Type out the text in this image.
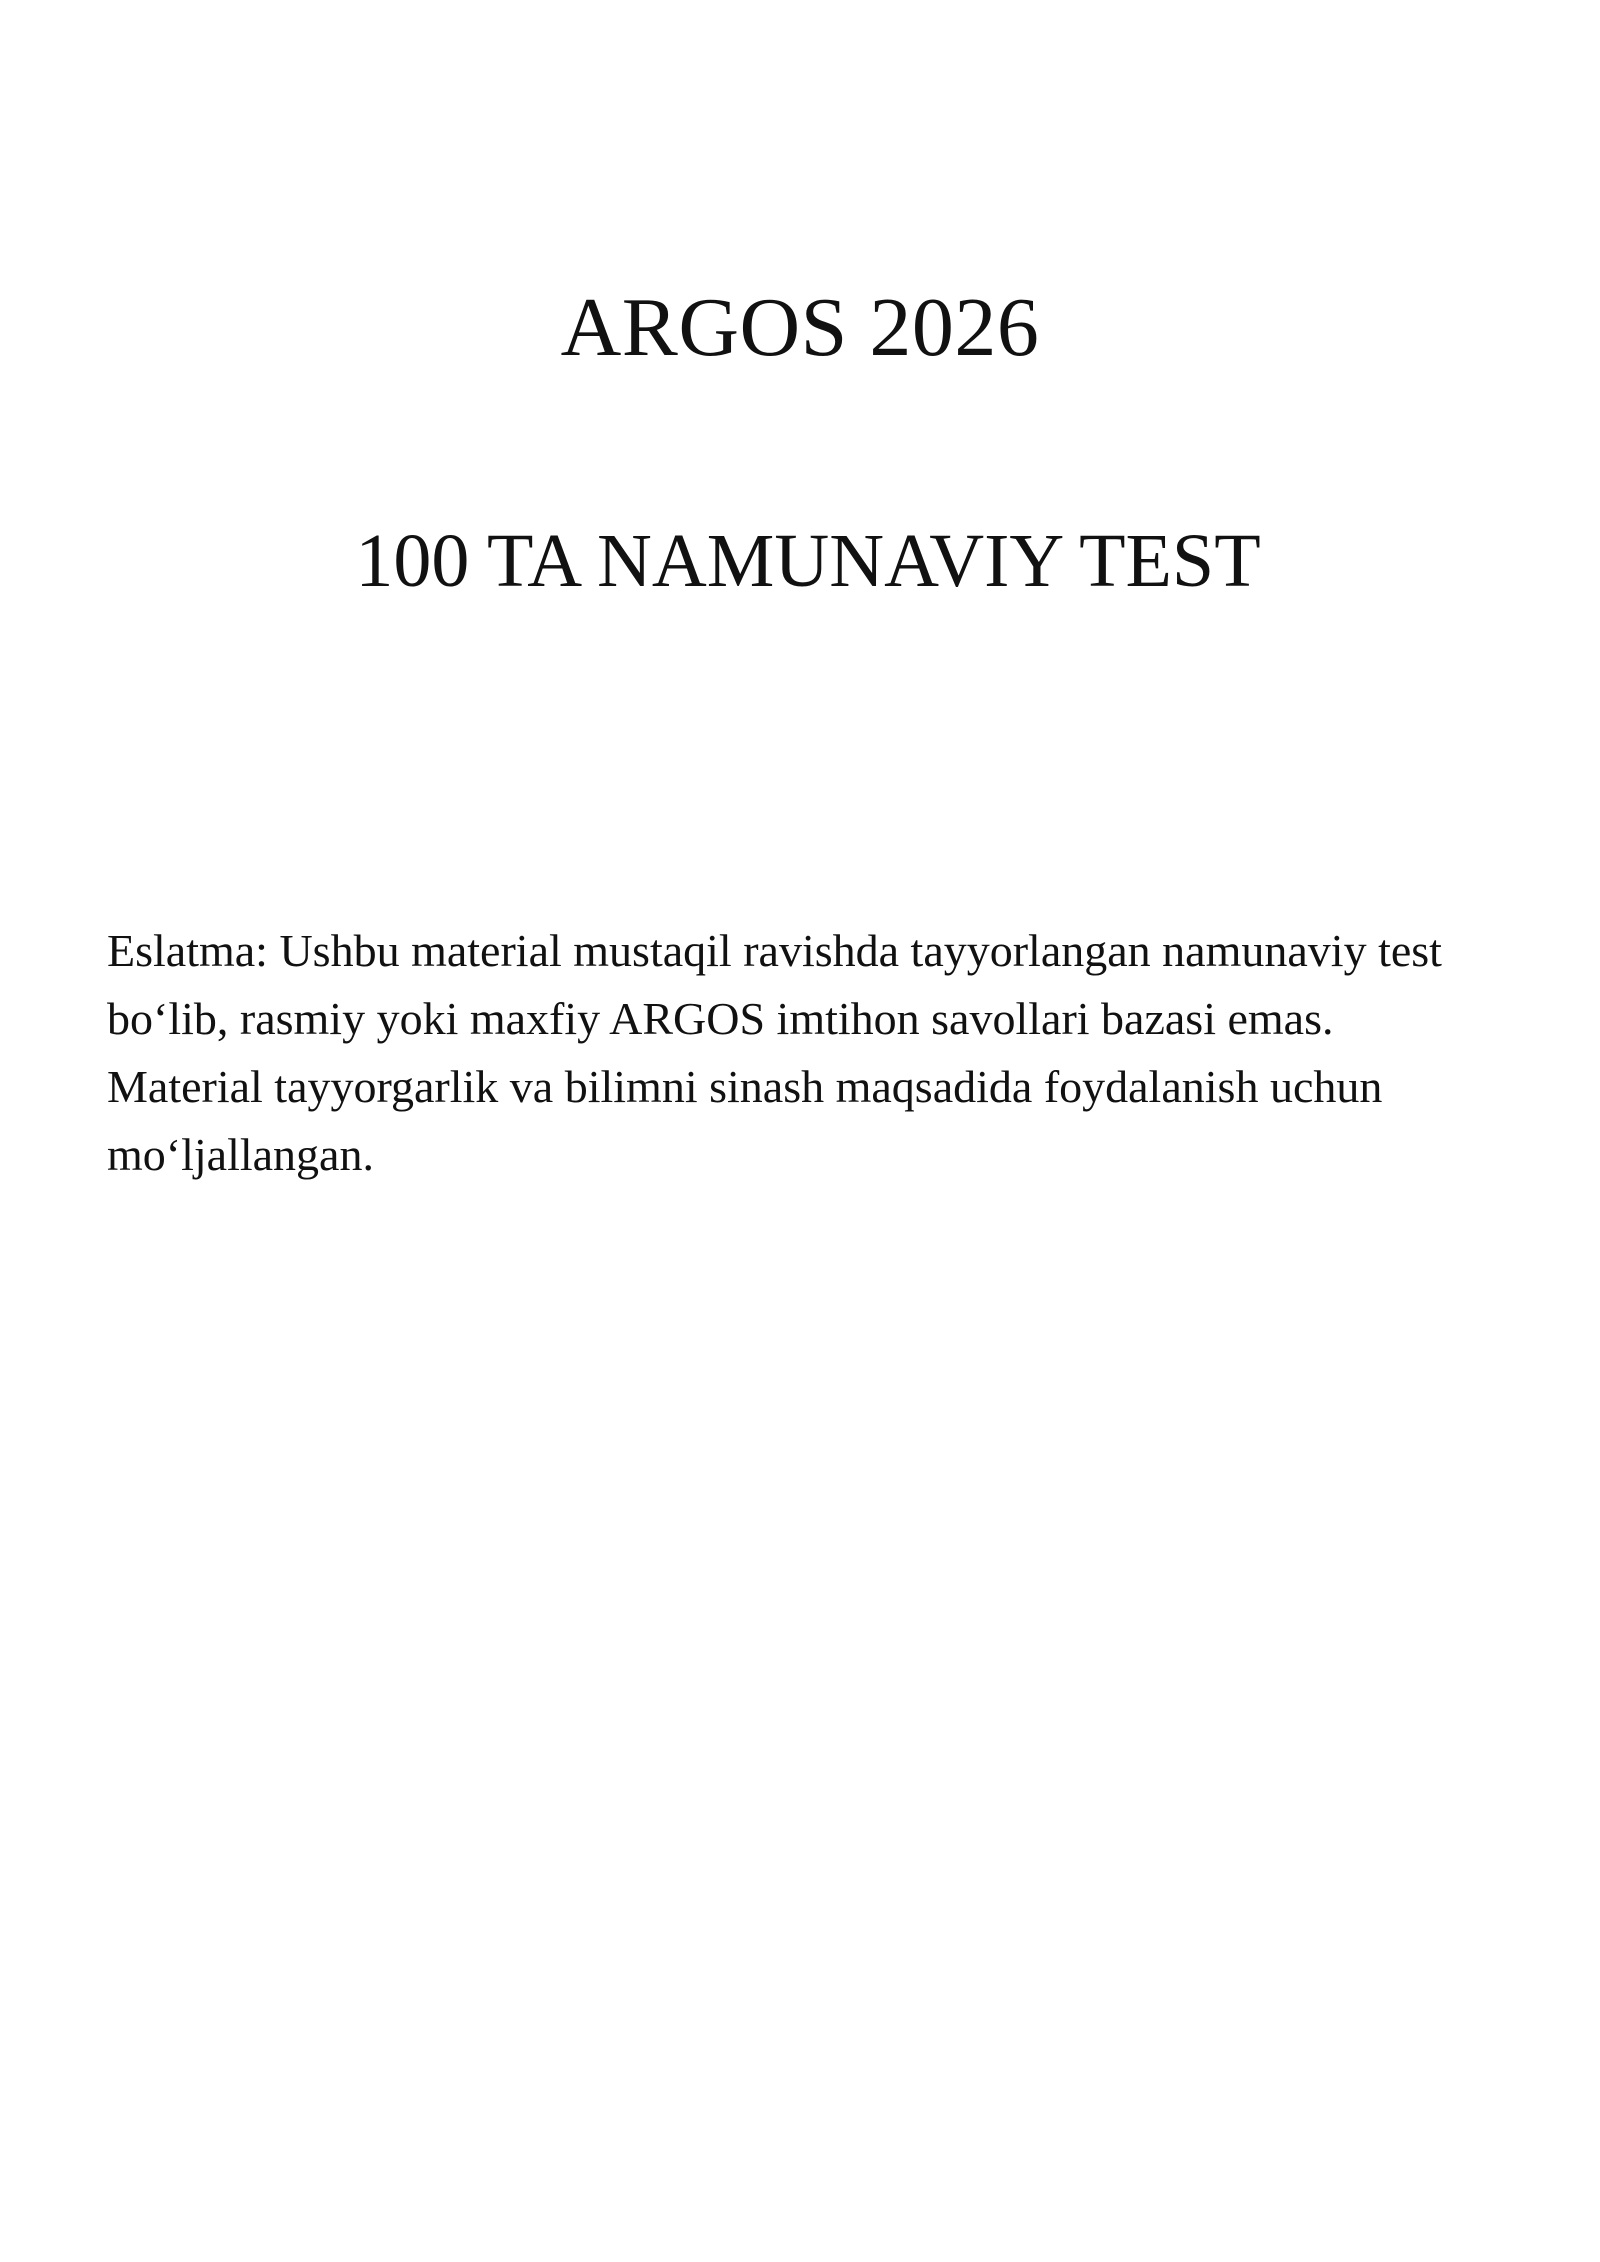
ARGOS 2026
100 TA NAMUNAVIY TEST

Eslatma: Ushbu material mustaqil ravishda tayyorlangan namunaviy test
bo‘lib, rasmiy yoki maxfiy ARGOS imtihon savollari bazasi emas.
Material tayyorgarlik va bilimni sinash maqsadida foydalanish uchun
mo‘ljallangan.
